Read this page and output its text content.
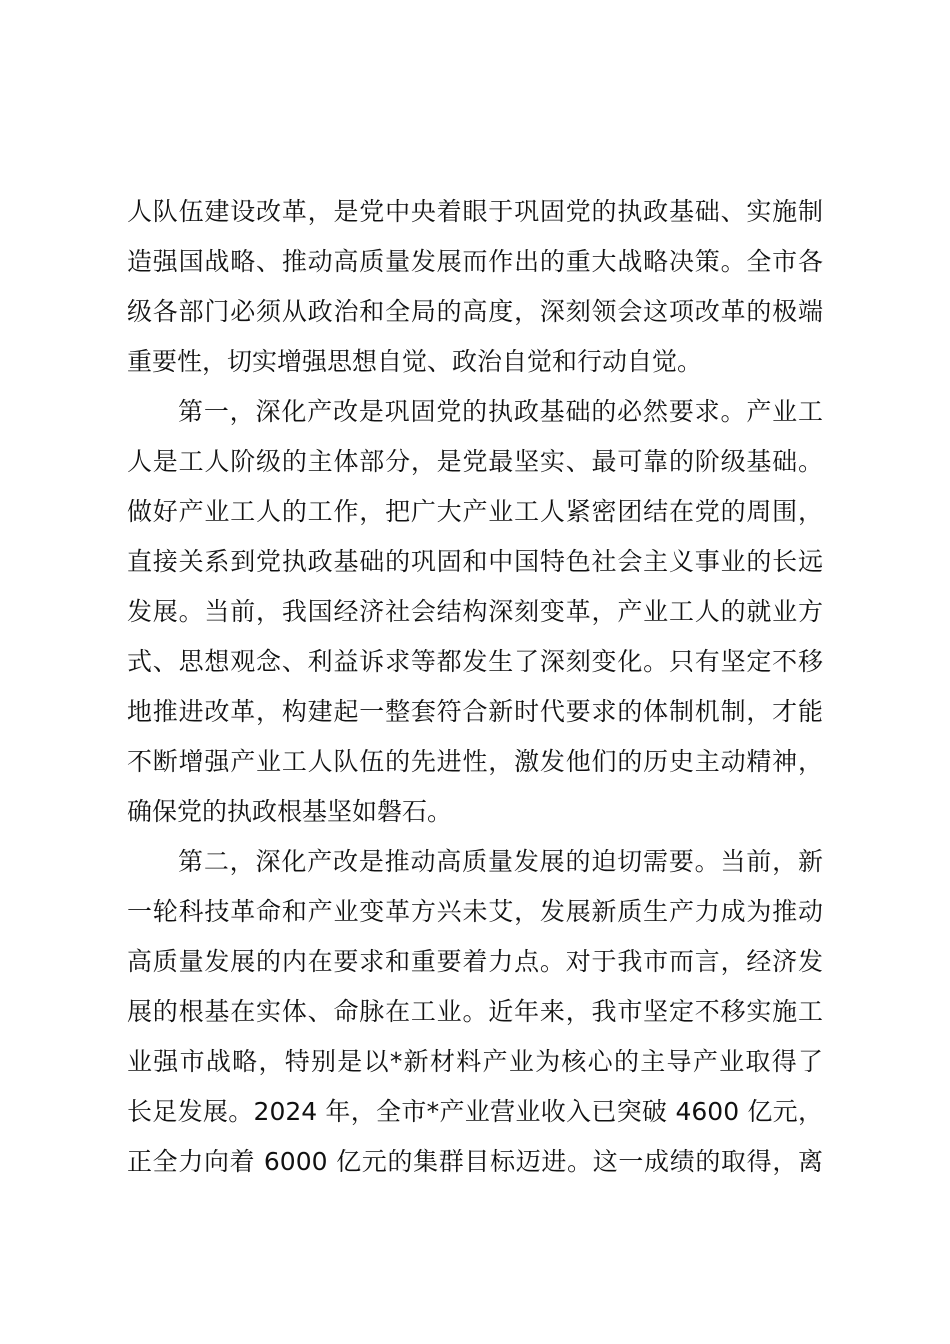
人队伍建设改革，是党中央着眼于巩固党的执政基础、实施制
造强国战略、推动高质量发展而作出的重大战略决策。全市各
级各部门必须从政治和全局的高度，深刻领会这项改革的极端
重要性，切实增强思想自觉、政治自觉和行动自觉。
第一，深化产改是巩固党的执政基础的必然要求。产业工
人是工人阶级的主体部分，是党最坚实、最可靠的阶级基础。
做好产业工人的工作，把广大产业工人紧密团结在党的周围，
直接关系到党执政基础的巩固和中国特色社会主义事业的长远
发展。当前，我国经济社会结构深刻变革，产业工人的就业方
式、思想观念、利益诉求等都发生了深刻变化。只有坚定不移
地推进改革，构建起一整套符合新时代要求的体制机制，才能
不断增强产业工人队伍的先进性，激发他们的历史主动精神，
确保党的执政根基坚如磐石。
第二，深化产改是推动高质量发展的迫切需要。当前，新
一轮科技革命和产业变革方兴未艾，发展新质生产力成为推动
高质量发展的内在要求和重要着力点。对于我市而言，经济发
展的根基在实体、命脉在工业。近年来，我市坚定不移实施工
业强市战略，特别是以*新材料产业为核心的主导产业取得了
长足发展。2024 年，全市*产业营业收入已突破 4600 亿元，
正全力向着 6000 亿元的集群目标迈进。这一成绩的取得，离
